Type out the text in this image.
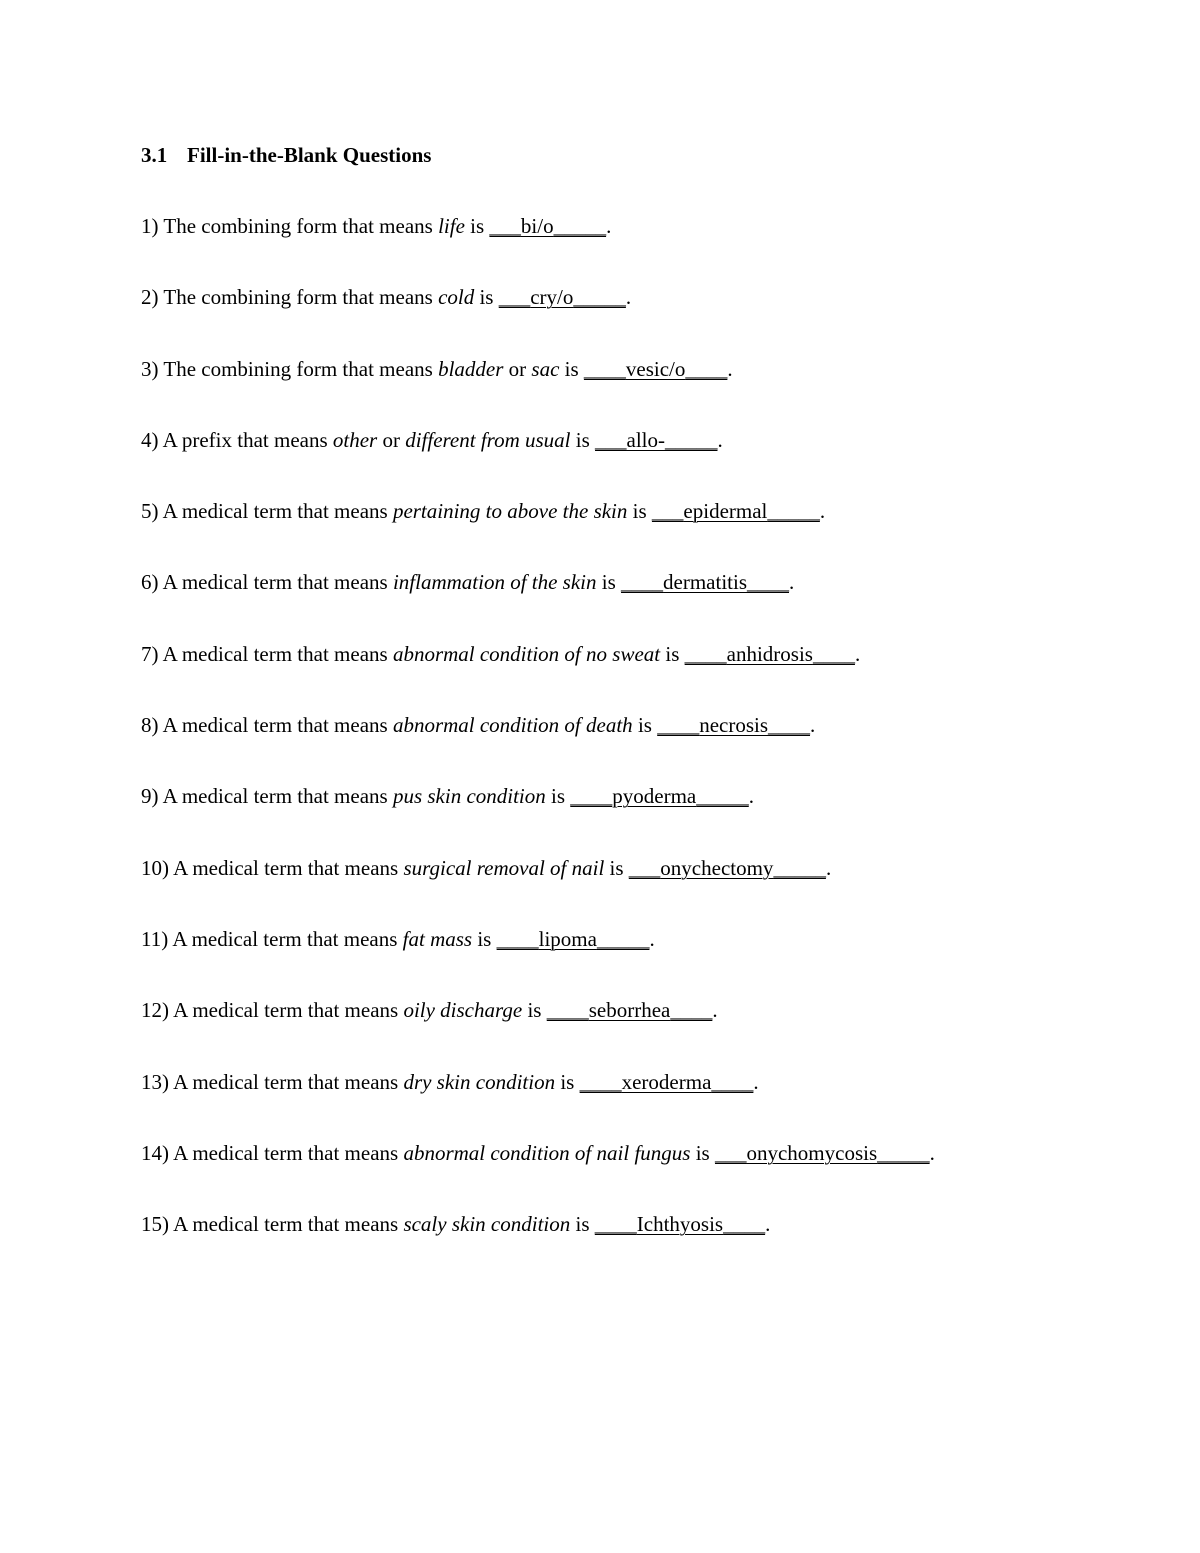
3.1 Fill-in-the-Blank Questions
1) The combining form that means life is ___bi/o_____.
2) The combining form that means cold is ___cry/o_____.
3) The combining form that means bladder or sac is ____vesic/o____.
4) A prefix that means other or different from usual is ___allo-_____.
5) A medical term that means pertaining to above the skin is ___epidermal_____.
6) A medical term that means inflammation of the skin is ____dermatitis____.
7) A medical term that means abnormal condition of no sweat is ____anhidrosis____.
8) A medical term that means abnormal condition of death is ____necrosis____.
9) A medical term that means pus skin condition is ____pyoderma_____.
10) A medical term that means surgical removal of nail is ___onychectomy_____.
11) A medical term that means fat mass is ____lipoma_____.
12) A medical term that means oily discharge is ____seborrhea____.
13) A medical term that means dry skin condition is ____xeroderma____.
14) A medical term that means abnormal condition of nail fungus is ___onychomycosis_____.
15) A medical term that means scaly skin condition is ____Ichthyosis____.
